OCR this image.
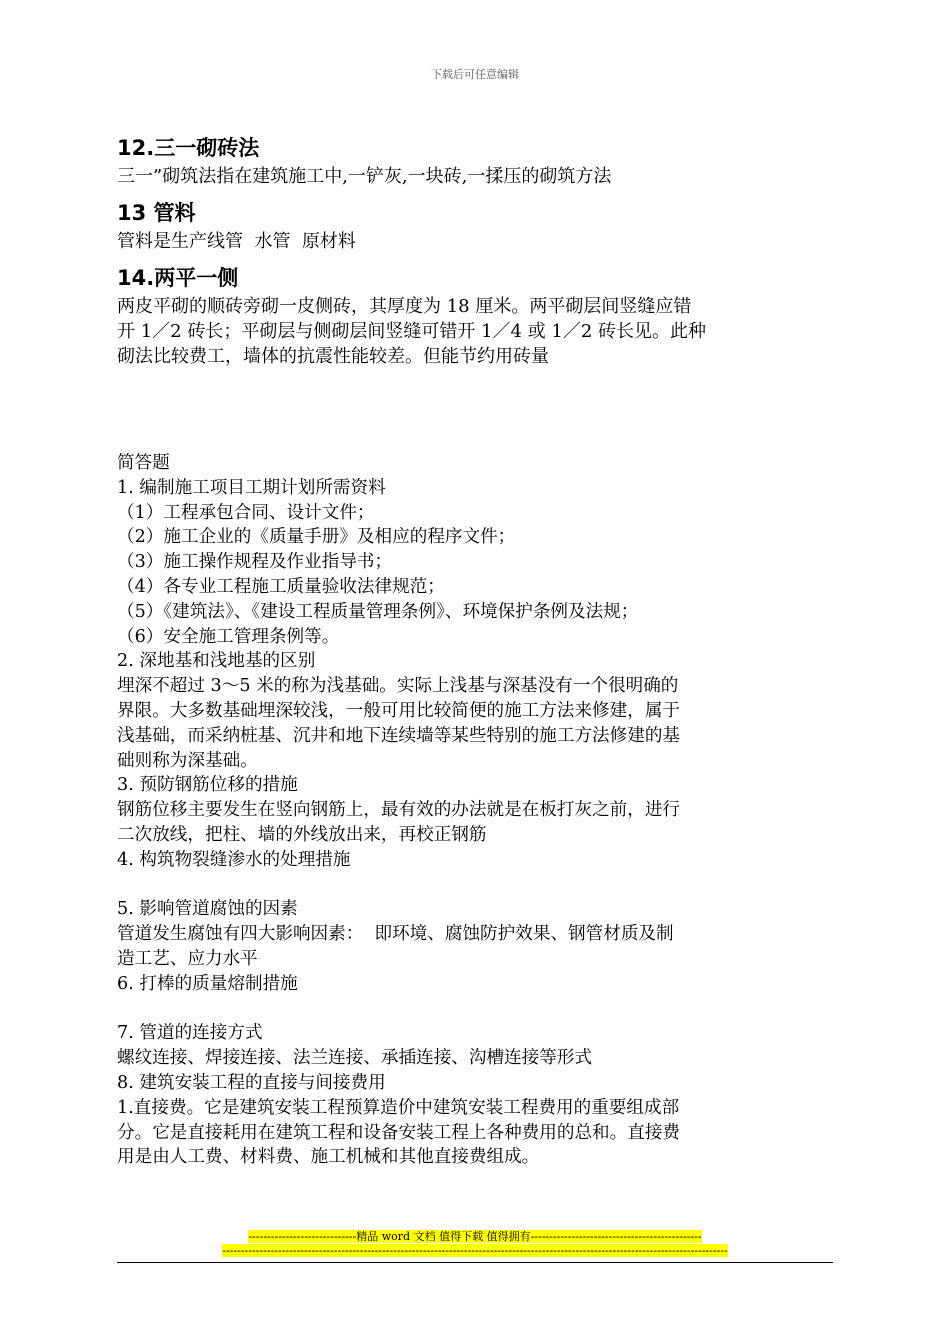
下载后可任意编辑
12.三一砌砖法
三一”砌筑法指在建筑施工中,一铲灰,一块砖,一揉压的砌筑方法
13 管料
管料是生产线管  水管  原材料
14.两平一侧
两皮平砌的顺砖旁砌一皮侧砖，其厚度为 18 厘米。两平砌层间竖缝应错
开 1／2 砖长；平砌层与侧砌层间竖缝可错开 1／4 或 1／2 砖长见。此种
砌法比较费工，墙体的抗震性能较差。但能节约用砖量
简答题
1. 编制施工项目工期计划所需资料
（1）工程承包合同、设计文件；
（2）施工企业的《质量手册》及相应的程序文件；
（3）施工操作规程及作业指导书；
（4）各专业工程施工质量验收法律规范；
（5）《建筑法》、《建设工程质量管理条例》、环境保护条例及法规；
（6）安全施工管理条例等。
2. 深地基和浅地基的区别
埋深不超过 3～5 米的称为浅基础。实际上浅基与深基没有一个很明确的
界限。大多数基础埋深较浅，一般可用比较简便的施工方法来修建，属于
浅基础，而采纳桩基、沉井和地下连续墙等某些特别的施工方法修建的基
础则称为深基础。
3. 预防钢筋位移的措施
钢筋位移主要发生在竖向钢筋上，最有效的办法就是在板打灰之前，进行
二次放线，把柱、墙的外线放出来，再校正钢筋
4. 构筑物裂缝渗水的处理措施
5. 影响管道腐蚀的因素
管道发生腐蚀有四大影响因素：  即环境、腐蚀防护效果、钢管材质及制
造工艺、应力水平
6. 打棒的质量熔制措施
7. 管道的连接方式
螺纹连接、焊接连接、法兰连接、承插连接、沟槽连接等形式
8. 建筑安装工程的直接与间接费用
1.直接费。它是建筑安装工程预算造价中建筑安装工程费用的重要组成部
分。它是直接耗用在建筑工程和设备安装工程上各种费用的总和。直接费
用是由人工费、材料费、施工机械和其他直接费组成。
-----------------------------精品 word 文档 值得下载 值得拥有----------------------------------------------
----------------------------------------------------------------------------------------------------------------------------------------
